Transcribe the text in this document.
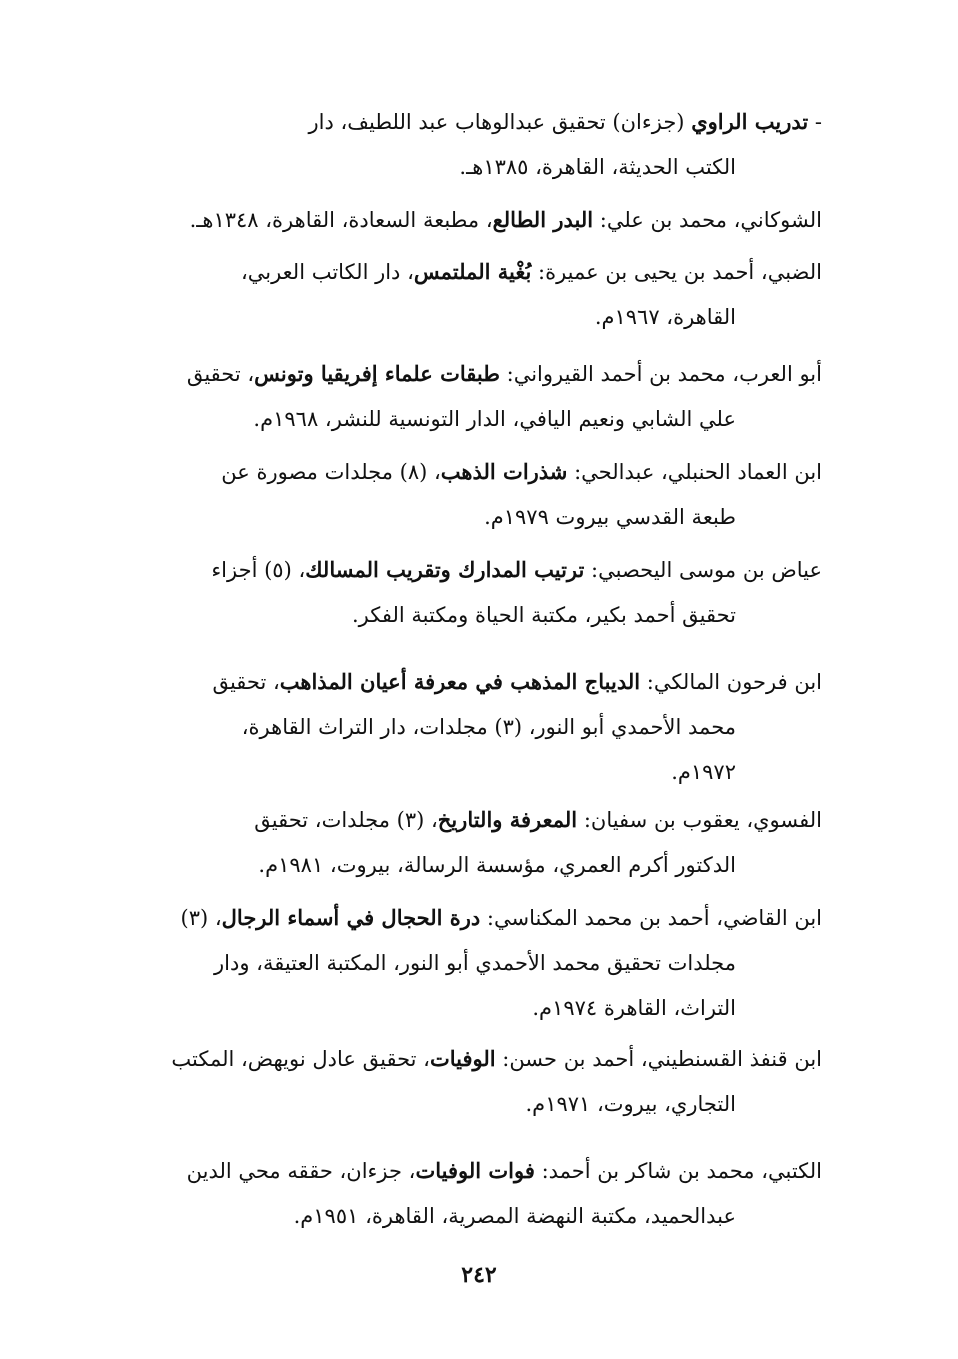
- تدريب الراوي (جزءان) تحقيق عبدالوهاب عبد اللطيف، دار
الكتب الحديثة، القاهرة، ١٣٨٥هـ.
الشوكاني، محمد بن علي: البدر الطالع، مطبعة السعادة، القاهرة، ١٣٤٨هـ.
الضبي، أحمد بن يحيى بن عميرة: بُغْية الملتمس، دار الكاتب العربي،
القاهرة، ١٩٦٧م.
أبو العرب، محمد بن أحمد القيرواني: طبقات علماء إفريقيا وتونس، تحقيق
علي الشابي ونعيم اليافي، الدار التونسية للنشر، ١٩٦٨م.
ابن العماد الحنبلي، عبدالحي: شذرات الذهب، (٨) مجلدات مصورة عن
طبعة القدسي بيروت ١٩٧٩م.
عياض بن موسى اليحصبي: ترتيب المدارك وتقريب المسالك، (٥) أجزاء
تحقيق أحمد بكير، مكتبة الحياة ومكتبة الفكر.
ابن فرحون المالكي: الديباج المذهب في معرفة أعيان المذاهب، تحقيق
محمد الأحمدي أبو النور، (٣) مجلدات، دار التراث القاهرة،
١٩٧٢م.
الفسوي، يعقوب بن سفيان: المعرفة والتاريخ، (٣) مجلدات، تحقيق
الدكتور أكرم العمري، مؤسسة الرسالة، بيروت، ١٩٨١م.
ابن القاضي، أحمد بن محمد المكناسي: درة الحجال في أسماء الرجال، (٣)
مجلدات تحقيق محمد الأحمدي أبو النور، المكتبة العتيقة، ودار
التراث، القاهرة ١٩٧٤م.
ابن قنفذ القسنطيني، أحمد بن حسن: الوفيات، تحقيق عادل نويهض، المكتب
التجاري، بيروت، ١٩٧١م.
الكتبي، محمد بن شاكر بن أحمد: فوات الوفيات، جزءان، حققه محي الدين
عبدالحميد، مكتبة النهضة المصرية، القاهرة، ١٩٥١م.
٢٤٢
